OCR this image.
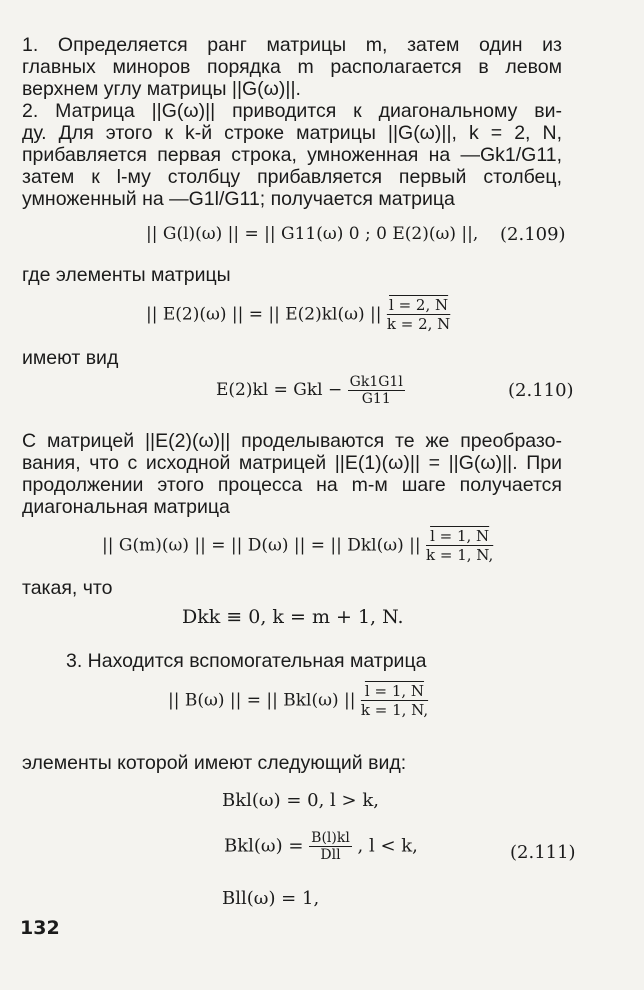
1. Определяется ранг матрицы m, затем один из
главных миноров порядка m располагается в левом
верхнем углу матрицы ||G(ω)||.
2. Матрица ||G(ω)|| приводится к диагональному ви-
ду. Для этого к k-й строке матрицы ||G(ω)||, k = 2, N,
прибавляется первая строка, умноженная на —Gk1/G11,
затем к l-му столбцу прибавляется первый столбец,
умноженный на —G1l/G11; получается матрица
|| G(l)(ω) || = || G11(ω) 0 ; 0 E(2)(ω) ||, (2.109)
где элементы матрицы
|| E(2)(ω) || = || E(2)kl(ω) || $\frac{l = 2, N}{k = 2, N}$
имеют вид
E(2)kl = Gkl − $\frac{Gk1G1l}{G11}$	(2.110)
С матрицей ||E(2)(ω)|| проделываются те же преобразо-
вания, что с исходной матрицей ||E(1)(ω)|| = ||G(ω)||. При
продолжении этого процесса на m-м шаге получается
диагональная матрица
|| G(m)(ω) || = || D(ω) || = || Dkl(ω) || $\frac{l = 1, N}{k = 1, N,}$
такая, что
Dkk ≡ 0, k = m + 1, N.
3. Находится вспомогательная матрица
|| B(ω) || = || Bkl(ω) || $\frac{l = 1, N}{k = 1, N,}$
элементы которой имеют следующий вид:
Bkl(ω) = 0, l > k,
$Bkl(\omega) = \frac{B(l)kl}{\text{Dll}}$ , l < k,	(2.111)
Bll(ω) = 1,
132
